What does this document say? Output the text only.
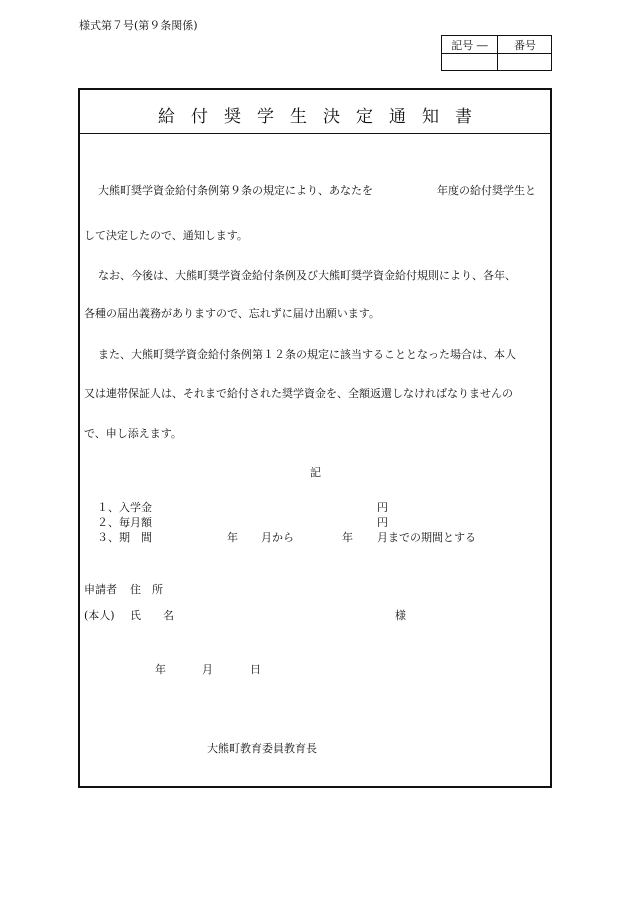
様式第７号(第９条関係)
記号 ―	番号
給付奨学生決定通知書
大熊町奨学資金給付条例第９条の規定により、あなたを	年度の給付奨学生と
して決定したので、通知します。
なお、今後は、大熊町奨学資金給付条例及び大熊町奨学資金給付規則により、各年、
各種の届出義務がありますので、忘れずに届け出願います。
また、大熊町奨学資金給付条例第１２条の規定に該当することとなった場合は、本人
又は連帯保証人は、それまで給付された奨学資金を、全額返還しなければなりませんの
で、申し添えます。
記
１、入学金	円
２、毎月額	円
３、期　間	年 月から	年 月までの期間とする
申請者 住　所
(本人) 氏　　名	様
年	月	日
大熊町教育委員教育長
